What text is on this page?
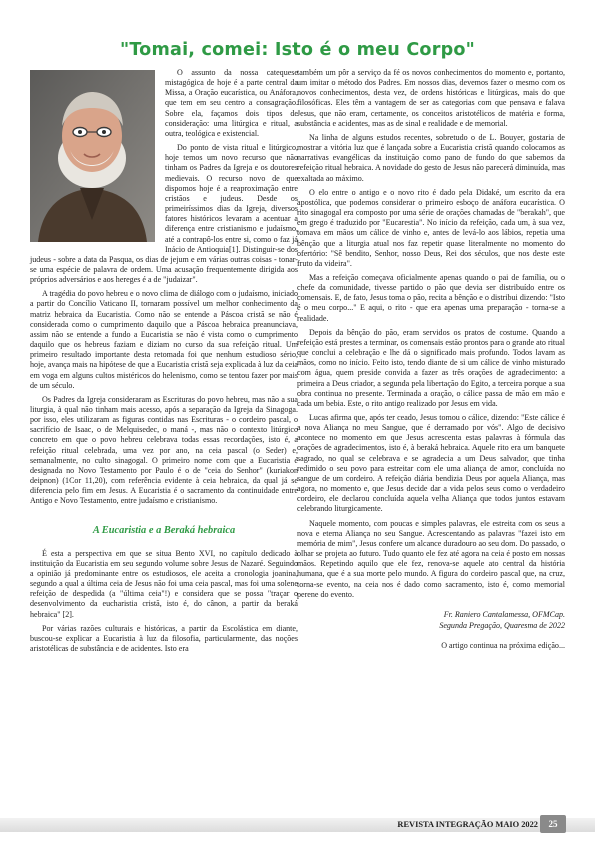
"Tomai, comei: Isto é o meu Corpo"

O assunto da nossa catequese mistagógica de hoje é a parte central da Missa, a Oração eucarística, ou Anáfora, que tem em seu centro a consagração. Sobre ela, façamos dois tipos de consideração: uma litúrgica e ritual, a outra, teológica e existencial.

Do ponto de vista ritual e litúrgico, hoje temos um novo recurso que não tinham os Padres da Igreja e os doutores medievais. O recurso novo de que dispomos hoje é a reaproximação entre cristãos e judeus. Desde os primeiríssimos dias da Igreja, diversos fatores históricos levaram a acentuar a diferença entre cristianismo e judaísmo, até a contrapô-los entre si, como o faz já Inácio de Antioquia[1]. Distinguir-se dos judeus - sobre a data da Pasqua, os dias de jejum e em várias outras coisas - tonar-se uma espécie de palavra de ordem. Uma acusação frequentemente dirigida aos próprios adversários e aos hereges é a de "judaizar".

A tragédia do povo hebreu e o novo clima de diálogo com o judaísmo, iniciado a partir do Concílio Vaticano II, tornaram possível um melhor conhecimento da matriz hebraica da Eucaristia. Como não se entende a Páscoa cristã se não é considerada como o cumprimento daquilo que a Páscoa hebraica preanunciava, assim não se entende a fundo a Eucaristia se não é vista como o cumprimento daquilo que os hebreus faziam e diziam no curso da sua refeição ritual. Um primeiro resultado importante desta retomada foi que nenhum estudioso sério, hoje, avança mais na hipótese de que a Eucaristia cristã seja explicada à luz da ceia em voga em alguns cultos mistéricos do helenismo, como se tentou fazer por mais de um século.

Os Padres da Igreja consideraram as Escrituras do povo hebreu, mas não a sua liturgia, à qual não tinham mais acesso, após a separação da Igreja da Sinagoga. por isso, eles utilizaram as figuras contidas nas Escrituras - o cordeiro pascal, o sacrifício de Isaac, o de Melquisedec, o maná -, mas não o contexto litúrgico concreto em que o povo hebreu celebrava todas essas recordações, isto é, a refeição ritual celebrada, uma vez por ano, na ceia pascal (o Seder) e, semanalmente, no culto sinagogal. O primeiro nome com que a Eucaristia é designada no Novo Testamento por Paulo é o de "ceia do Senhor" (kuriakon deipnon) (1Cor 11,20), com referência evidente à ceia hebraica, da qual já se diferencia pelo fim em Jesus. A Eucaristia é o sacramento da continuidade entre Antigo e Novo Testamento, entre judaísmo e cristianismo.

A Eucaristia e a Beraká hebraica

É esta a perspectiva em que se situa Bento XVI, no capítulo dedicado à instituição da Eucaristia em seu segundo volume sobre Jesus de Nazaré. Seguindo a opinião já predominante entre os estudiosos, ele aceita a cronologia joanina, segundo a qual a última ceia de Jesus não foi uma ceia pascal, mas foi uma solene refeição de despedida (a "última ceia"!) e considera que se possa "traçar o desenvolvimento da eucharistia cristã, isto é, do cânon, a partir da beraká hebraica" [2].

Por várias razões culturais e históricas, a partir da Escolástica em diante, buscou-se explicar a Eucaristia à luz da filosofia, particularmente, das noções aristotélicas de substância e de acidentes. Isto era

também um pôr a serviço da fé os novos conhecimentos do momento e, portanto, um imitar o método dos Padres. Em nossos dias, devemos fazer o mesmo com os novos conhecimentos, desta vez, de ordens históricas e litúrgicas, mais do que filosóficas. Eles têm a vantagem de ser as categorias com que pensava e falava Jesus, que não eram, certamente, os conceitos aristotélicos de matéria e forma, substância e acidentes, mas as de sinal e realidade e de memorial.

Na linha de alguns estudos recentes, sobretudo o de L. Bouyer, gostaria de mostrar a vitória luz que é lançada sobre a Eucaristia cristã quando colocamos as narrativas evangélicas da instituição como pano de fundo do que sabemos da refeição ritual hebraica. A novidade do gesto de Jesus não parecerá diminuída, mas exaltada ao máximo.

O elo entre o antigo e o novo rito é dado pela Didaké, um escrito da era apostólica, que podemos considerar o primeiro esboço de anáfora eucarística. O rito sinagogal era composto por uma série de orações chamadas de "berakah", que em grego é traduzido por "Eucarestia". No início da refeição, cada um, à sua vez, tomava em mãos um cálice de vinho e, antes de levá-lo aos lábios, repetia uma bênção que a liturgia atual nos faz repetir quase literalmente no momento do ofertório: "Sê bendito, Senhor, nosso Deus, Rei dos séculos, que nos deste este fruto da videira".

Mas a refeição começava oficialmente apenas quando o pai de família, ou o chefe da comunidade, tivesse partido o pão que devia ser distribuído entre os comensais. E, de fato, Jesus toma o pão, recita a bênção e o distribui dizendo: "Isto é o meu corpo..." E aqui, o rito - que era apenas uma preparação - torna-se a realidade.

Depois da bênção do pão, eram servidos os pratos de costume. Quando a refeição está prestes a terminar, os comensais estão prontos para o grande ato ritual que conclui a celebração e lhe dá o significado mais profundo. Todos lavam as mãos, como no início. Feito isto, tendo diante de si um cálice de vinho misturado com água, quem preside convida a fazer as três orações de agradecimento: a primeira a Deus criador, a segunda pela libertação do Egito, a terceira porque a sua obra continua no presente. Terminada a oração, o cálice passa de mão em mão e cada um bebia. Este, o rito antigo realizado por Jesus em vida.

Lucas afirma que, após ter ceado, Jesus tomou o cálice, dizendo: "Este cálice é a nova Aliança no meu Sangue, que é derramado por vós". Algo de decisivo acontece no momento em que Jesus acrescenta estas palavras à fórmula das orações de agradecimentos, isto é, à beraká hebraica. Aquele rito era um banquete sagrado, no qual se celebrava e se agradecia a um Deus salvador, que tinha redimido o seu povo para estreitar com ele uma aliança de amor, concluída no sangue de um cordeiro. A refeição diária bendizia Deus por aquela Aliança, mas agora, no momento e, que Jesus decide dar a vida pelos seus como o verdadeiro cordeiro, ele declarou concluída aquela velha Aliança que todos juntos estavam celebrando liturgicamente.

Naquele momento, com poucas e simples palavras, ele estreita com os seus a nova e eterna Aliança no seu Sangue. Acrescentando as palavras "fazei isto em memória de mim", Jesus confere um alcance duradouro ao seu dom. Do passado, o olhar se projeta ao futuro. Tudo quanto ele fez até agora na ceia é posto em nossas mãos. Repetindo aquilo que ele fez, renova-se aquele ato central da história humana, que é a sua morte pelo mundo. A figura do cordeiro pascal que, na cruz, torna-se evento, na ceia nos é dado como sacramento, isto é, como memorial perene do evento.

Fr. Raniero Cantalamessa, OFMCap.
Segunda Pregação, Quaresma de 2022
O artigo continua na próxima edição...
REVISTA INTEGRAÇÃO MAIO 2022	25
